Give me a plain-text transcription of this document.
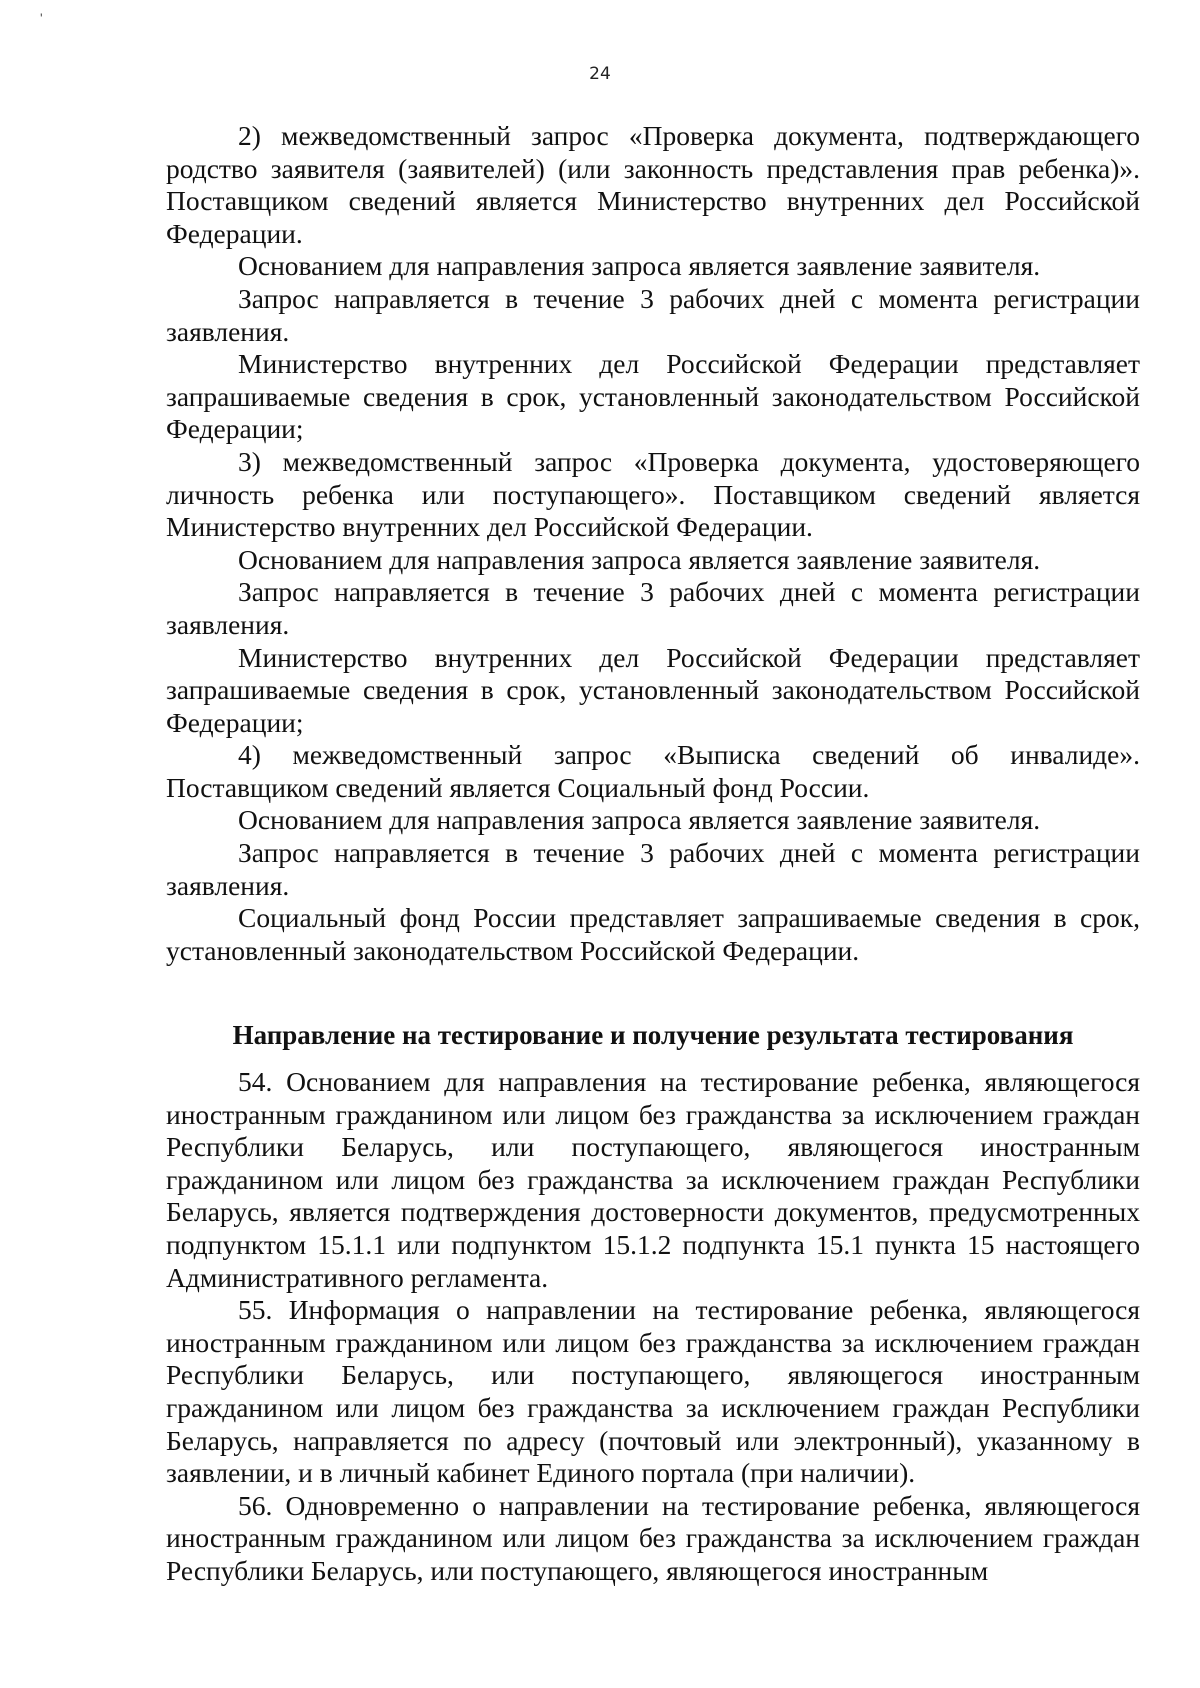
'
24

2) межведомственный запрос «Проверка документа, подтверждающего родство заявителя (заявителей) (или законность представления прав ребенка)». Поставщиком сведений является Министерство внутренних дел Российской Федерации.

Основанием для направления запроса является заявление заявителя.

Запрос направляется в течение 3 рабочих дней с момента регистрации заявления.

Министерство внутренних дел Российской Федерации представляет запрашиваемые сведения в срок, установленный законодательством Российской Федерации;

3) межведомственный запрос «Проверка документа, удостоверяющего личность ребенка или поступающего». Поставщиком сведений является Министерство внутренних дел Российской Федерации.

Основанием для направления запроса является заявление заявителя.

Запрос направляется в течение 3 рабочих дней с момента регистрации заявления.

Министерство внутренних дел Российской Федерации представляет запрашиваемые сведения в срок, установленный законодательством Российской Федерации;

4) межведомственный запрос «Выписка сведений об инвалиде». Поставщиком сведений является Социальный фонд России.

Основанием для направления запроса является заявление заявителя.

Запрос направляется в течение 3 рабочих дней с момента регистрации заявления.

Социальный фонд России представляет запрашиваемые сведения в срок, установленный законодательством Российской Федерации.

Направление на тестирование и получение результата тестирования

54. Основанием для направления на тестирование ребенка, являющегося иностранным гражданином или лицом без гражданства за исключением граждан Республики Беларусь, или поступающего, являющегося иностранным гражданином или лицом без гражданства за исключением граждан Республики Беларусь, является подтверждения достоверности документов, предусмотренных подпунктом 15.1.1 или подпунктом 15.1.2 подпункта 15.1 пункта 15 настоящего Административного регламента.

55. Информация о направлении на тестирование ребенка, являющегося иностранным гражданином или лицом без гражданства за исключением граждан Республики Беларусь, или поступающего, являющегося иностранным гражданином или лицом без гражданства за исключением граждан Республики Беларусь, направляется по адресу (почтовый или электронный), указанному в заявлении, и в личный кабинет Единого портала (при наличии).

56. Одновременно о направлении на тестирование ребенка, являющегося иностранным гражданином или лицом без гражданства за исключением граждан Республики Беларусь, или поступающего, являющегося иностранным
